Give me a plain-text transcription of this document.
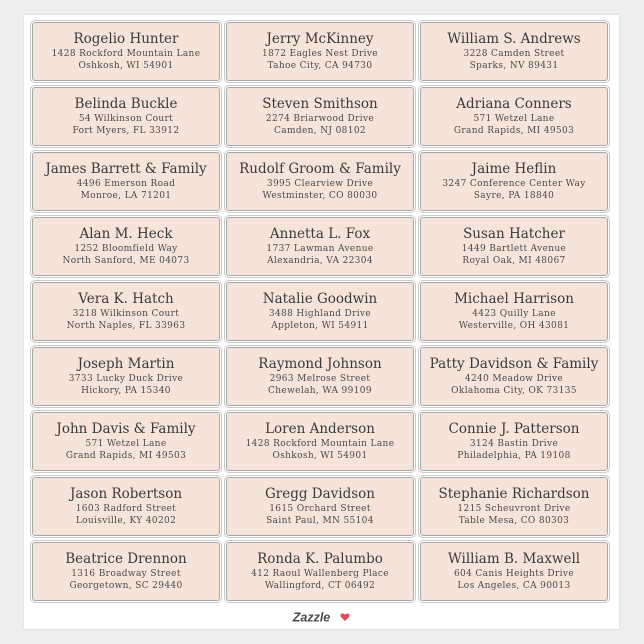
Rogelio Hunter
1428 Rockford Mountain Lane
Oshkosh, WI 54901
Jerry McKinney
1872 Eagles Nest Drive
Tahoe City, CA 94730
William S. Andrews
3228 Camden Street
Sparks, NV 89431
Belinda Buckle
54 Wilkinson Court
Fort Myers, FL 33912
Steven Smithson
2274 Briarwood Drive
Camden, NJ 08102
Adriana Conners
571 Wetzel Lane
Grand Rapids, MI 49503
James Barrett & Family
4496 Emerson Road
Monroe, LA 71201
Rudolf Groom & Family
3995 Clearview Drive
Westminster, CO 80030
Jaime Heflin
3247 Conference Center Way
Sayre, PA 18840
Alan M. Heck
1252 Bloomfield Way
North Sanford, ME 04073
Annetta L. Fox
1737 Lawman Avenue
Alexandria, VA 22304
Susan Hatcher
1449 Bartlett Avenue
Royal Oak, MI 48067
Vera K. Hatch
3218 Wilkinson Court
North Naples, FL 33963
Natalie Goodwin
3488 Highland Drive
Appleton, WI 54911
Michael Harrison
4423 Quilly Lane
Westerville, OH 43081
Joseph Martin
3733 Lucky Duck Drive
Hickory, PA 15340
Raymond Johnson
2963 Melrose Street
Chewelah, WA 99109
Patty Davidson & Family
4240 Meadow Drive
Oklahoma City, OK 73135
John Davis & Family
571 Wetzel Lane
Grand Rapids, MI 49503
Loren Anderson
1428 Rockford Mountain Lane
Oshkosh, WI 54901
Connie J. Patterson
3124 Bastin Drive
Philadelphia, PA 19108
Jason Robertson
1603 Radford Street
Louisville, KY 40202
Gregg Davidson
1615 Orchard Street
Saint Paul, MN 55104
Stephanie Richardson
1215 Scheuvront Drive
Table Mesa, CO 80303
Beatrice Drennon
1316 Broadway Street
Georgetown, SC 29440
Ronda K. Palumbo
412 Raoul Wallenberg Place
Wallingford, CT 06492
William B. Maxwell
604 Canis Heights Drive
Los Angeles, CA 90013
Zazzle
